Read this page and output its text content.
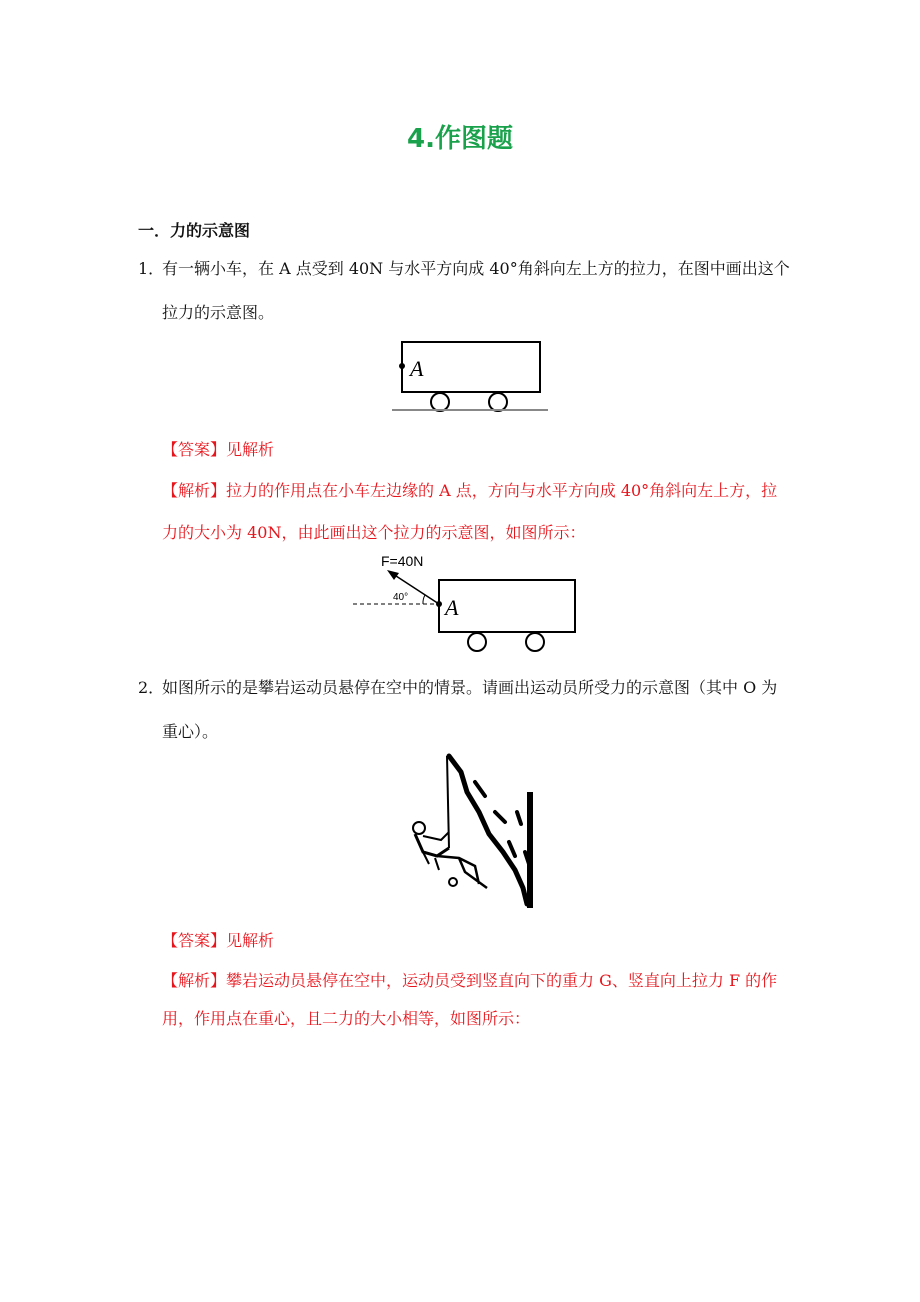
4.作图题
一．力的示意图
1．有一辆小车，在 A 点受到 40N 与水平方向成 40°角斜向左上方的拉力，在图中画出这个
拉力的示意图。
A
【答案】见解析
【解析】拉力的作用点在小车左边缘的 A 点，方向与水平方向成 40°角斜向左上方，拉
力的大小为 40N，由此画出这个拉力的示意图，如图所示：
F=40N
40° A
2．如图所示的是攀岩运动员悬停在空中的情景。请画出运动员所受力的示意图（其中 O 为
重心）。
【答案】见解析
【解析】攀岩运动员悬停在空中，运动员受到竖直向下的重力 G、竖直向上拉力 F 的作
用，作用点在重心，且二力的大小相等，如图所示：
